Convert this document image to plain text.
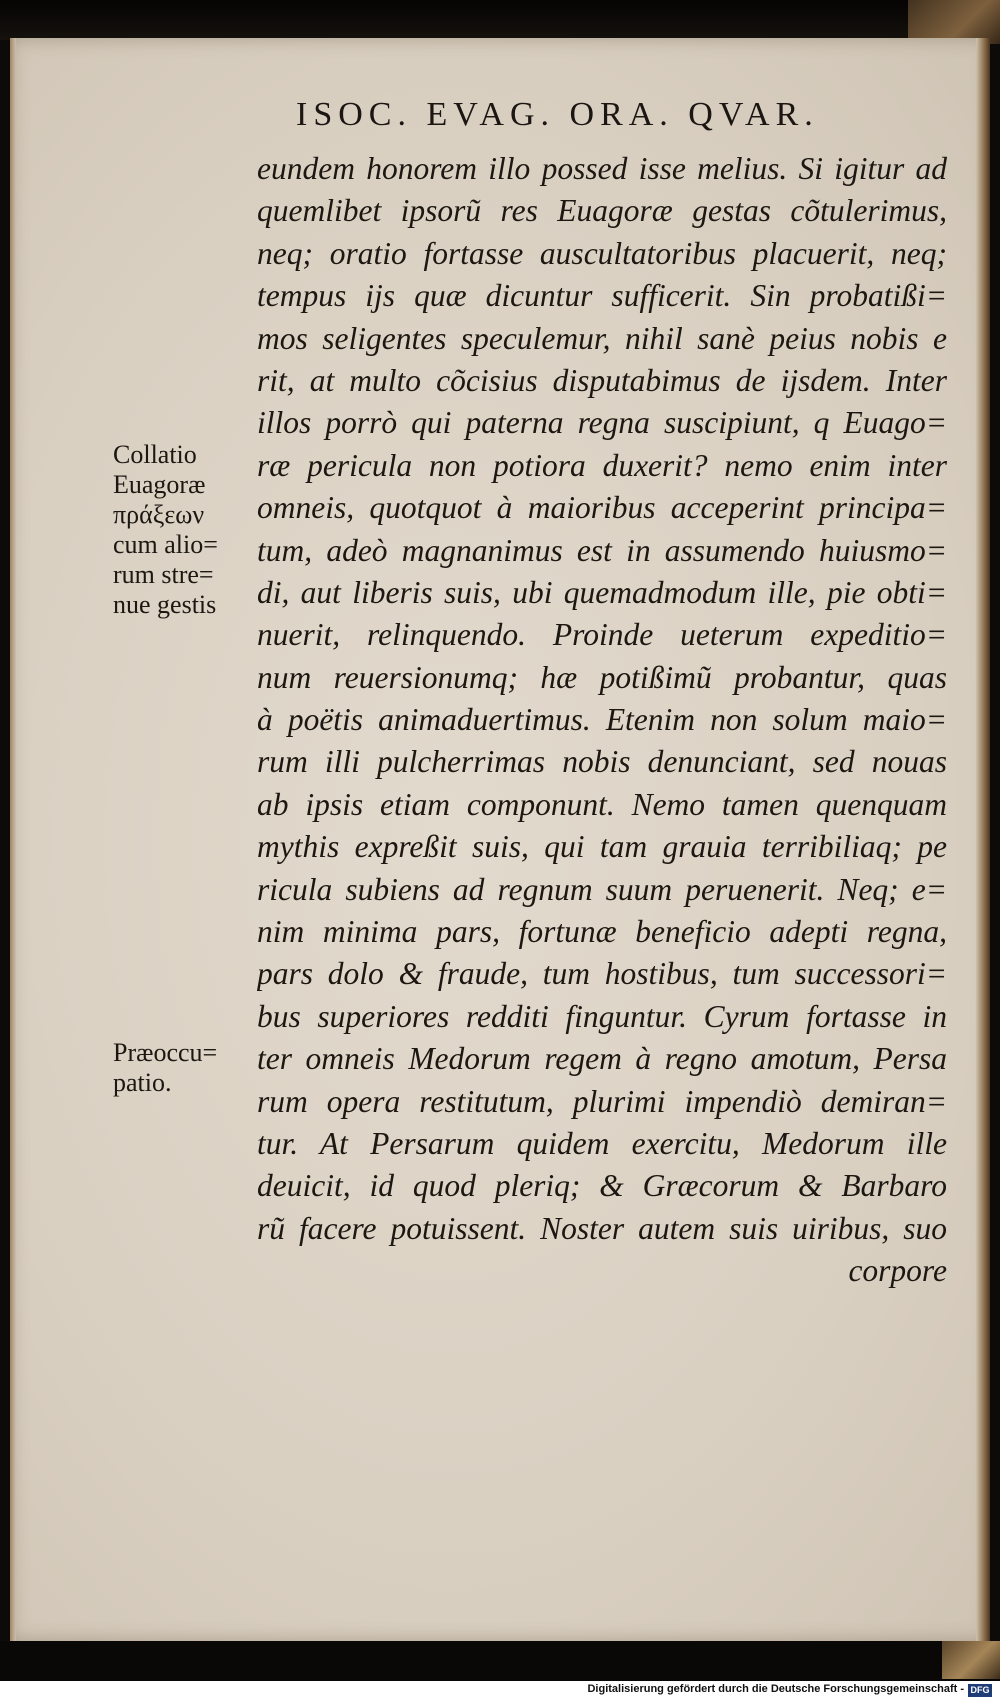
ISOC. EVAG. ORA. QVAR.
eundem honorem illo possed isse melius. Si igitur ad
quemlibet ipsorũ res Euagoræ gestas cõtulerimus,
neq; oratio fortasse auscultatoribus placuerit, neq;
tempus ijs quæ dicuntur sufficerit. Sin probatißi=
mos seligentes speculemur, nihil sanè peius nobis e
rit, at multo cõcisius disputabimus de ijsdem. Inter
illos porrò qui paterna regna suscipiunt, q Euago=
ræ pericula non potiora duxerit? nemo enim inter
omneis, quotquot à maioribus acceperint principa=
tum, adeò magnanimus est in assumendo huiusmo=
di, aut liberis suis, ubi quemadmodum ille, pie obti=
nuerit, relinquendo. Proinde ueterum expeditio=
num reuersionumq; hæ potißimũ probantur, quas
à poëtis animaduertimus. Etenim non solum maio=
rum illi pulcherrimas nobis denunciant, sed nouas
ab ipsis etiam componunt. Nemo tamen quenquam
mythis expreßit suis, qui tam grauia terribiliaq; pe
ricula subiens ad regnum suum peruenerit. Neq; e=
nim minima pars, fortunæ beneficio adepti regna,
pars dolo & fraude, tum hostibus, tum successori=
bus superiores redditi finguntur. Cyrum fortasse in
ter omneis Medorum regem à regno amotum, Persa
rum opera restitutum, plurimi impendiò demiran=
tur. At Persarum quidem exercitu, Medorum ille
deuicit, id quod pleriq; & Græcorum & Barbaro
rũ facere potuissent. Noster autem suis uiribus, suo
corpore
Collatio
Euagoræ
πράξεων
cum alio=
rum stre=
nue gestis
Præoccu=
patio.
Digitalisierung gefördert durch die Deutsche Forschungsgemeinschaft - DFG
